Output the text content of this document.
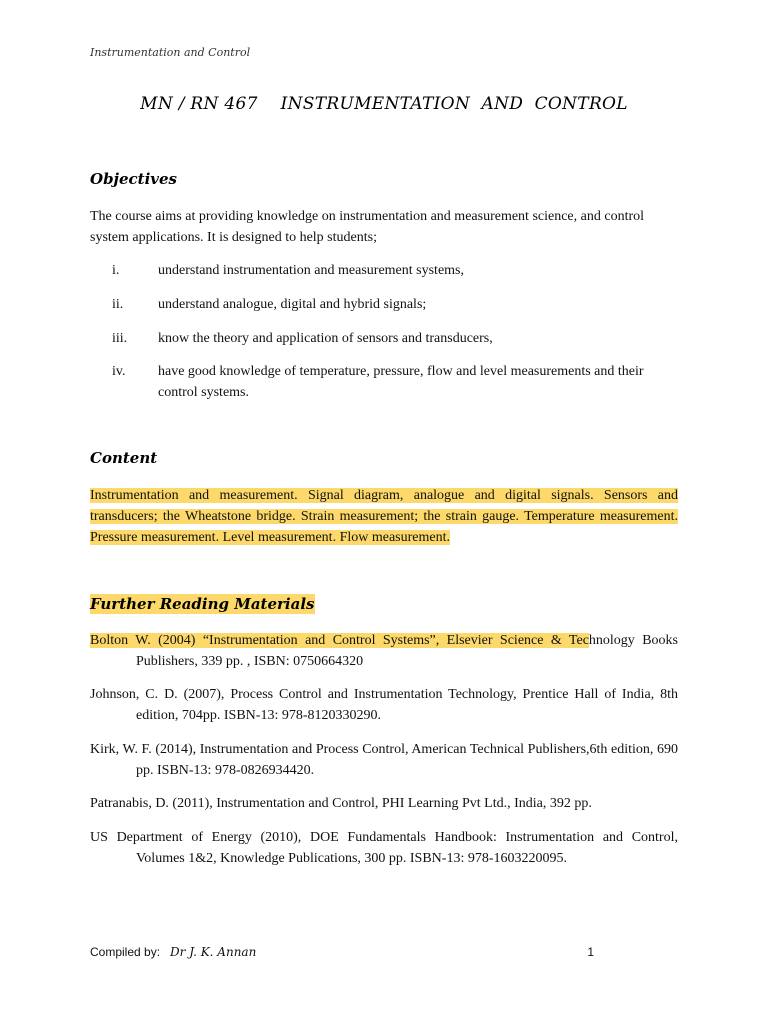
Instrumentation and Control
MN / RN 467    INSTRUMENTATION  AND  CONTROL
Objectives
The course aims at providing knowledge on instrumentation and measurement science, and control system applications. It is designed to help students;
i.	understand instrumentation and measurement systems,
ii. understand analogue, digital and hybrid signals;
iii. know the theory and application of sensors and transducers,
iv. have good knowledge of temperature, pressure, flow and level measurements and their control systems.
Content
Instrumentation and measurement. Signal diagram, analogue and digital signals. Sensors and transducers; the Wheatstone bridge. Strain measurement; the strain gauge. Temperature measurement. Pressure measurement. Level measurement. Flow measurement.
Further Reading Materials
Bolton W. (2004) “Instrumentation and Control Systems”, Elsevier Science & Technology Books Publishers, 339 pp. , ISBN: 0750664320
Johnson, C. D. (2007), Process Control and Instrumentation Technology, Prentice Hall of India, 8th edition, 704pp. ISBN-13: 978-8120330290.
Kirk, W. F. (2014), Instrumentation and Process Control, American Technical Publishers,6th edition, 690 pp. ISBN-13: 978-0826934420.
Patranabis, D. (2011), Instrumentation and Control, PHI Learning Pvt Ltd., India, 392 pp.
US Department of Energy (2010), DOE Fundamentals Handbook: Instrumentation and Control, Volumes 1&2, Knowledge Publications, 300 pp. ISBN-13: 978-1603220095.
Compiled by: Dr J. K. Annan	1
